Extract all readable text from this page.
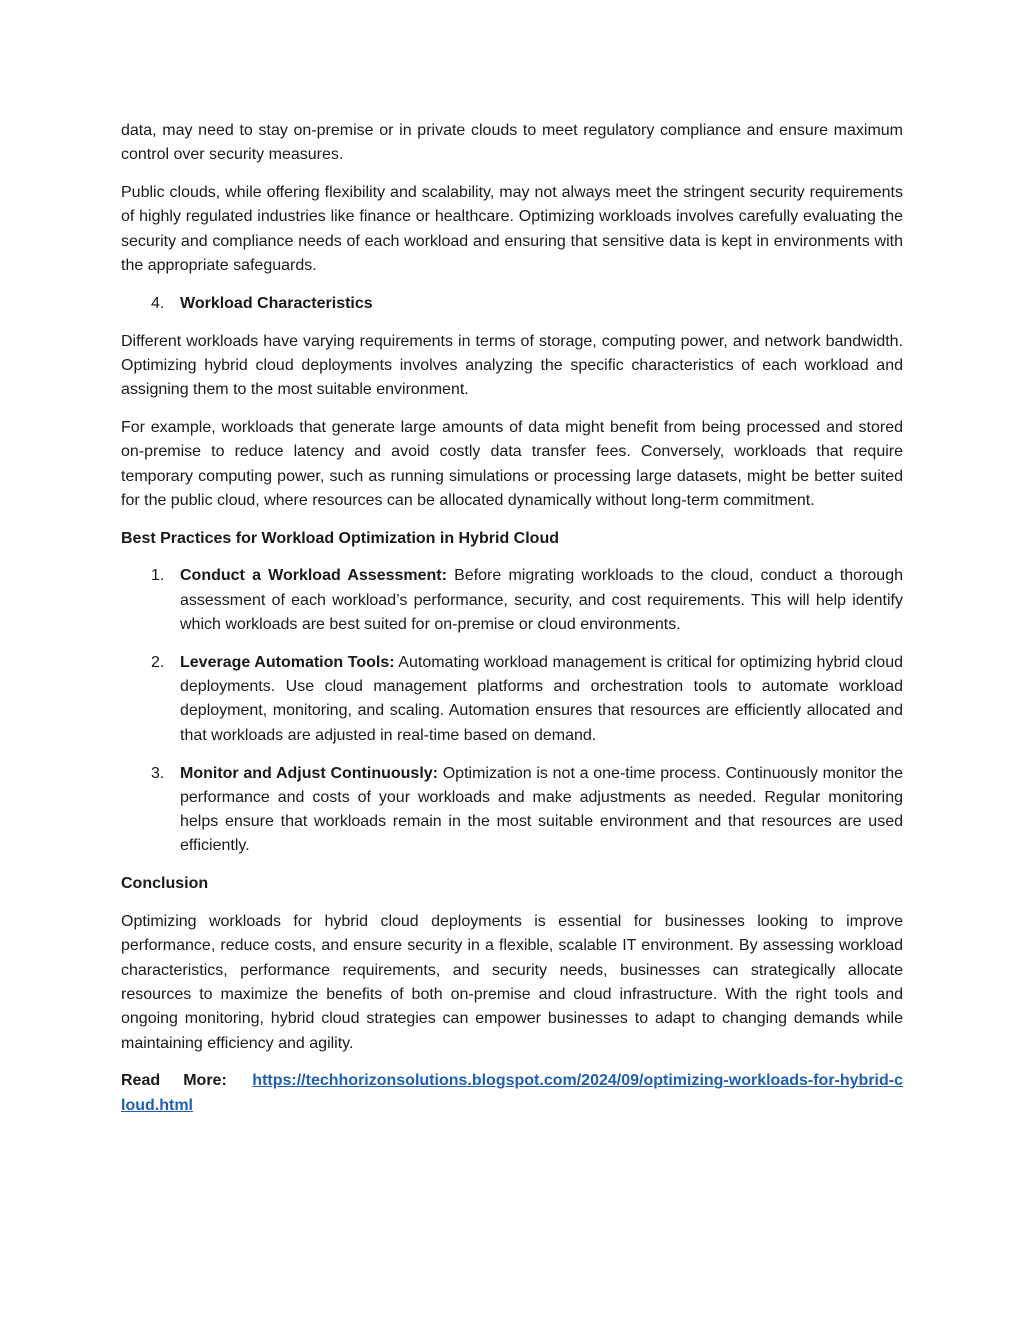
data, may need to stay on-premise or in private clouds to meet regulatory compliance and ensure maximum control over security measures.

Public clouds, while offering flexibility and scalability, may not always meet the stringent security requirements of highly regulated industries like finance or healthcare. Optimizing workloads involves carefully evaluating the security and compliance needs of each workload and ensuring that sensitive data is kept in environments with the appropriate safeguards.

4. Workload Characteristics

Different workloads have varying requirements in terms of storage, computing power, and network bandwidth. Optimizing hybrid cloud deployments involves analyzing the specific characteristics of each workload and assigning them to the most suitable environment.

For example, workloads that generate large amounts of data might benefit from being processed and stored on-premise to reduce latency and avoid costly data transfer fees. Conversely, workloads that require temporary computing power, such as running simulations or processing large datasets, might be better suited for the public cloud, where resources can be allocated dynamically without long-term commitment.

Best Practices for Workload Optimization in Hybrid Cloud
1. Conduct a Workload Assessment: Before migrating workloads to the cloud, conduct a thorough assessment of each workload’s performance, security, and cost requirements. This will help identify which workloads are best suited for on-premise or cloud environments.
2. Leverage Automation Tools: Automating workload management is critical for optimizing hybrid cloud deployments. Use cloud management platforms and orchestration tools to automate workload deployment, monitoring, and scaling. Automation ensures that resources are efficiently allocated and that workloads are adjusted in real-time based on demand.
3. Monitor and Adjust Continuously: Optimization is not a one-time process. Continuously monitor the performance and costs of your workloads and make adjustments as needed. Regular monitoring helps ensure that workloads remain in the most suitable environment and that resources are used efficiently.
Conclusion

Optimizing workloads for hybrid cloud deployments is essential for businesses looking to improve performance, reduce costs, and ensure security in a flexible, scalable IT environment. By assessing workload characteristics, performance requirements, and security needs, businesses can strategically allocate resources to maximize the benefits of both on-premise and cloud infrastructure. With the right tools and ongoing monitoring, hybrid cloud strategies can empower businesses to adapt to changing demands while maintaining efficiency and agility.

Read More: https://techhorizonsolutions.blogspot.com/2024/09/optimizing-workloads-for-hybrid-cloud.html
